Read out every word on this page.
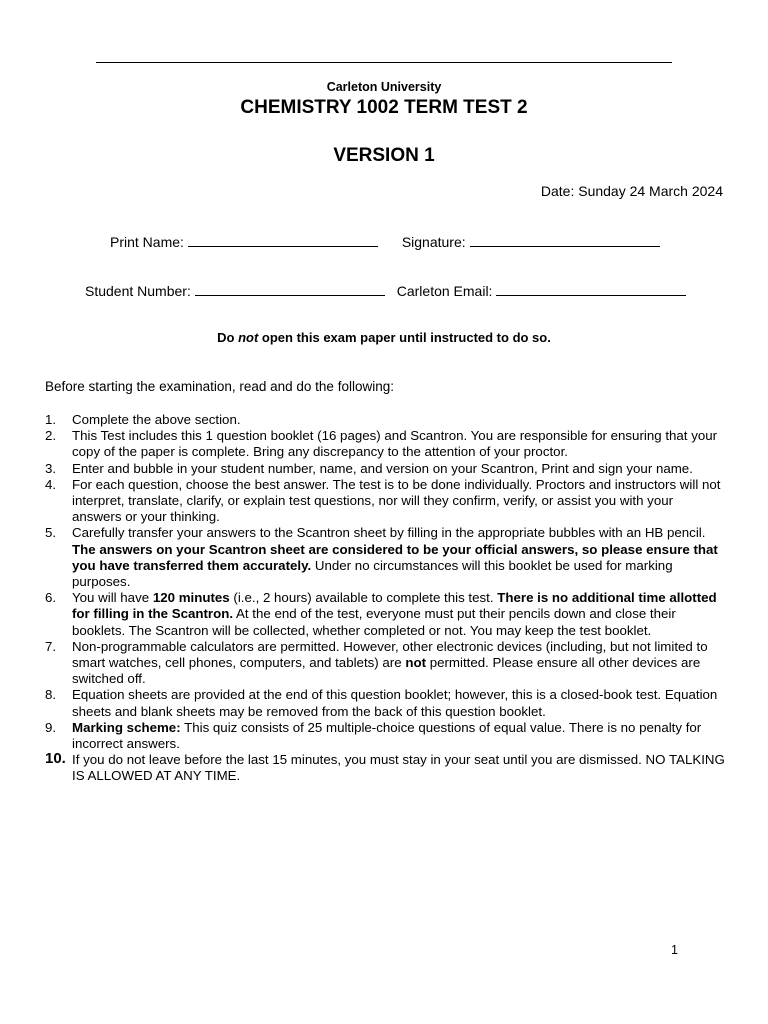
Carleton University
CHEMISTRY 1002 TERM TEST 2
VERSION 1
Date: Sunday 24 March 2024
Print Name:	Signature:
Student Number:	Carleton Email:
Do not open this exam paper until instructed to do so.
Before starting the examination, read and do the following:
1. Complete the above section.
2. This Test includes this 1 question booklet (16 pages) and Scantron. You are responsible for ensuring that your copy of the paper is complete. Bring any discrepancy to the attention of your proctor.
3. Enter and bubble in your student number, name, and version on your Scantron, Print and sign your name.
4. For each question, choose the best answer. The test is to be done individually. Proctors and instructors will not interpret, translate, clarify, or explain test questions, nor will they confirm, verify, or assist you with your answers or your thinking.
5. Carefully transfer your answers to the Scantron sheet by filling in the appropriate bubbles with an HB pencil. The answers on your Scantron sheet are considered to be your official answers, so please ensure that you have transferred them accurately. Under no circumstances will this booklet be used for marking purposes.
6. You will have 120 minutes (i.e., 2 hours) available to complete this test. There is no additional time allotted for filling in the Scantron. At the end of the test, everyone must put their pencils down and close their booklets. The Scantron will be collected, whether completed or not. You may keep the test booklet.
7. Non-programmable calculators are permitted. However, other electronic devices (including, but not limited to smart watches, cell phones, computers, and tablets) are not permitted. Please ensure all other devices are switched off.
8. Equation sheets are provided at the end of this question booklet; however, this is a closed-book test. Equation sheets and blank sheets may be removed from the back of this question booklet.
9. Marking scheme: This quiz consists of 25 multiple-choice questions of equal value. There is no penalty for incorrect answers.
10. If you do not leave before the last 15 minutes, you must stay in your seat until you are dismissed. NO TALKING IS ALLOWED AT ANY TIME.
1
